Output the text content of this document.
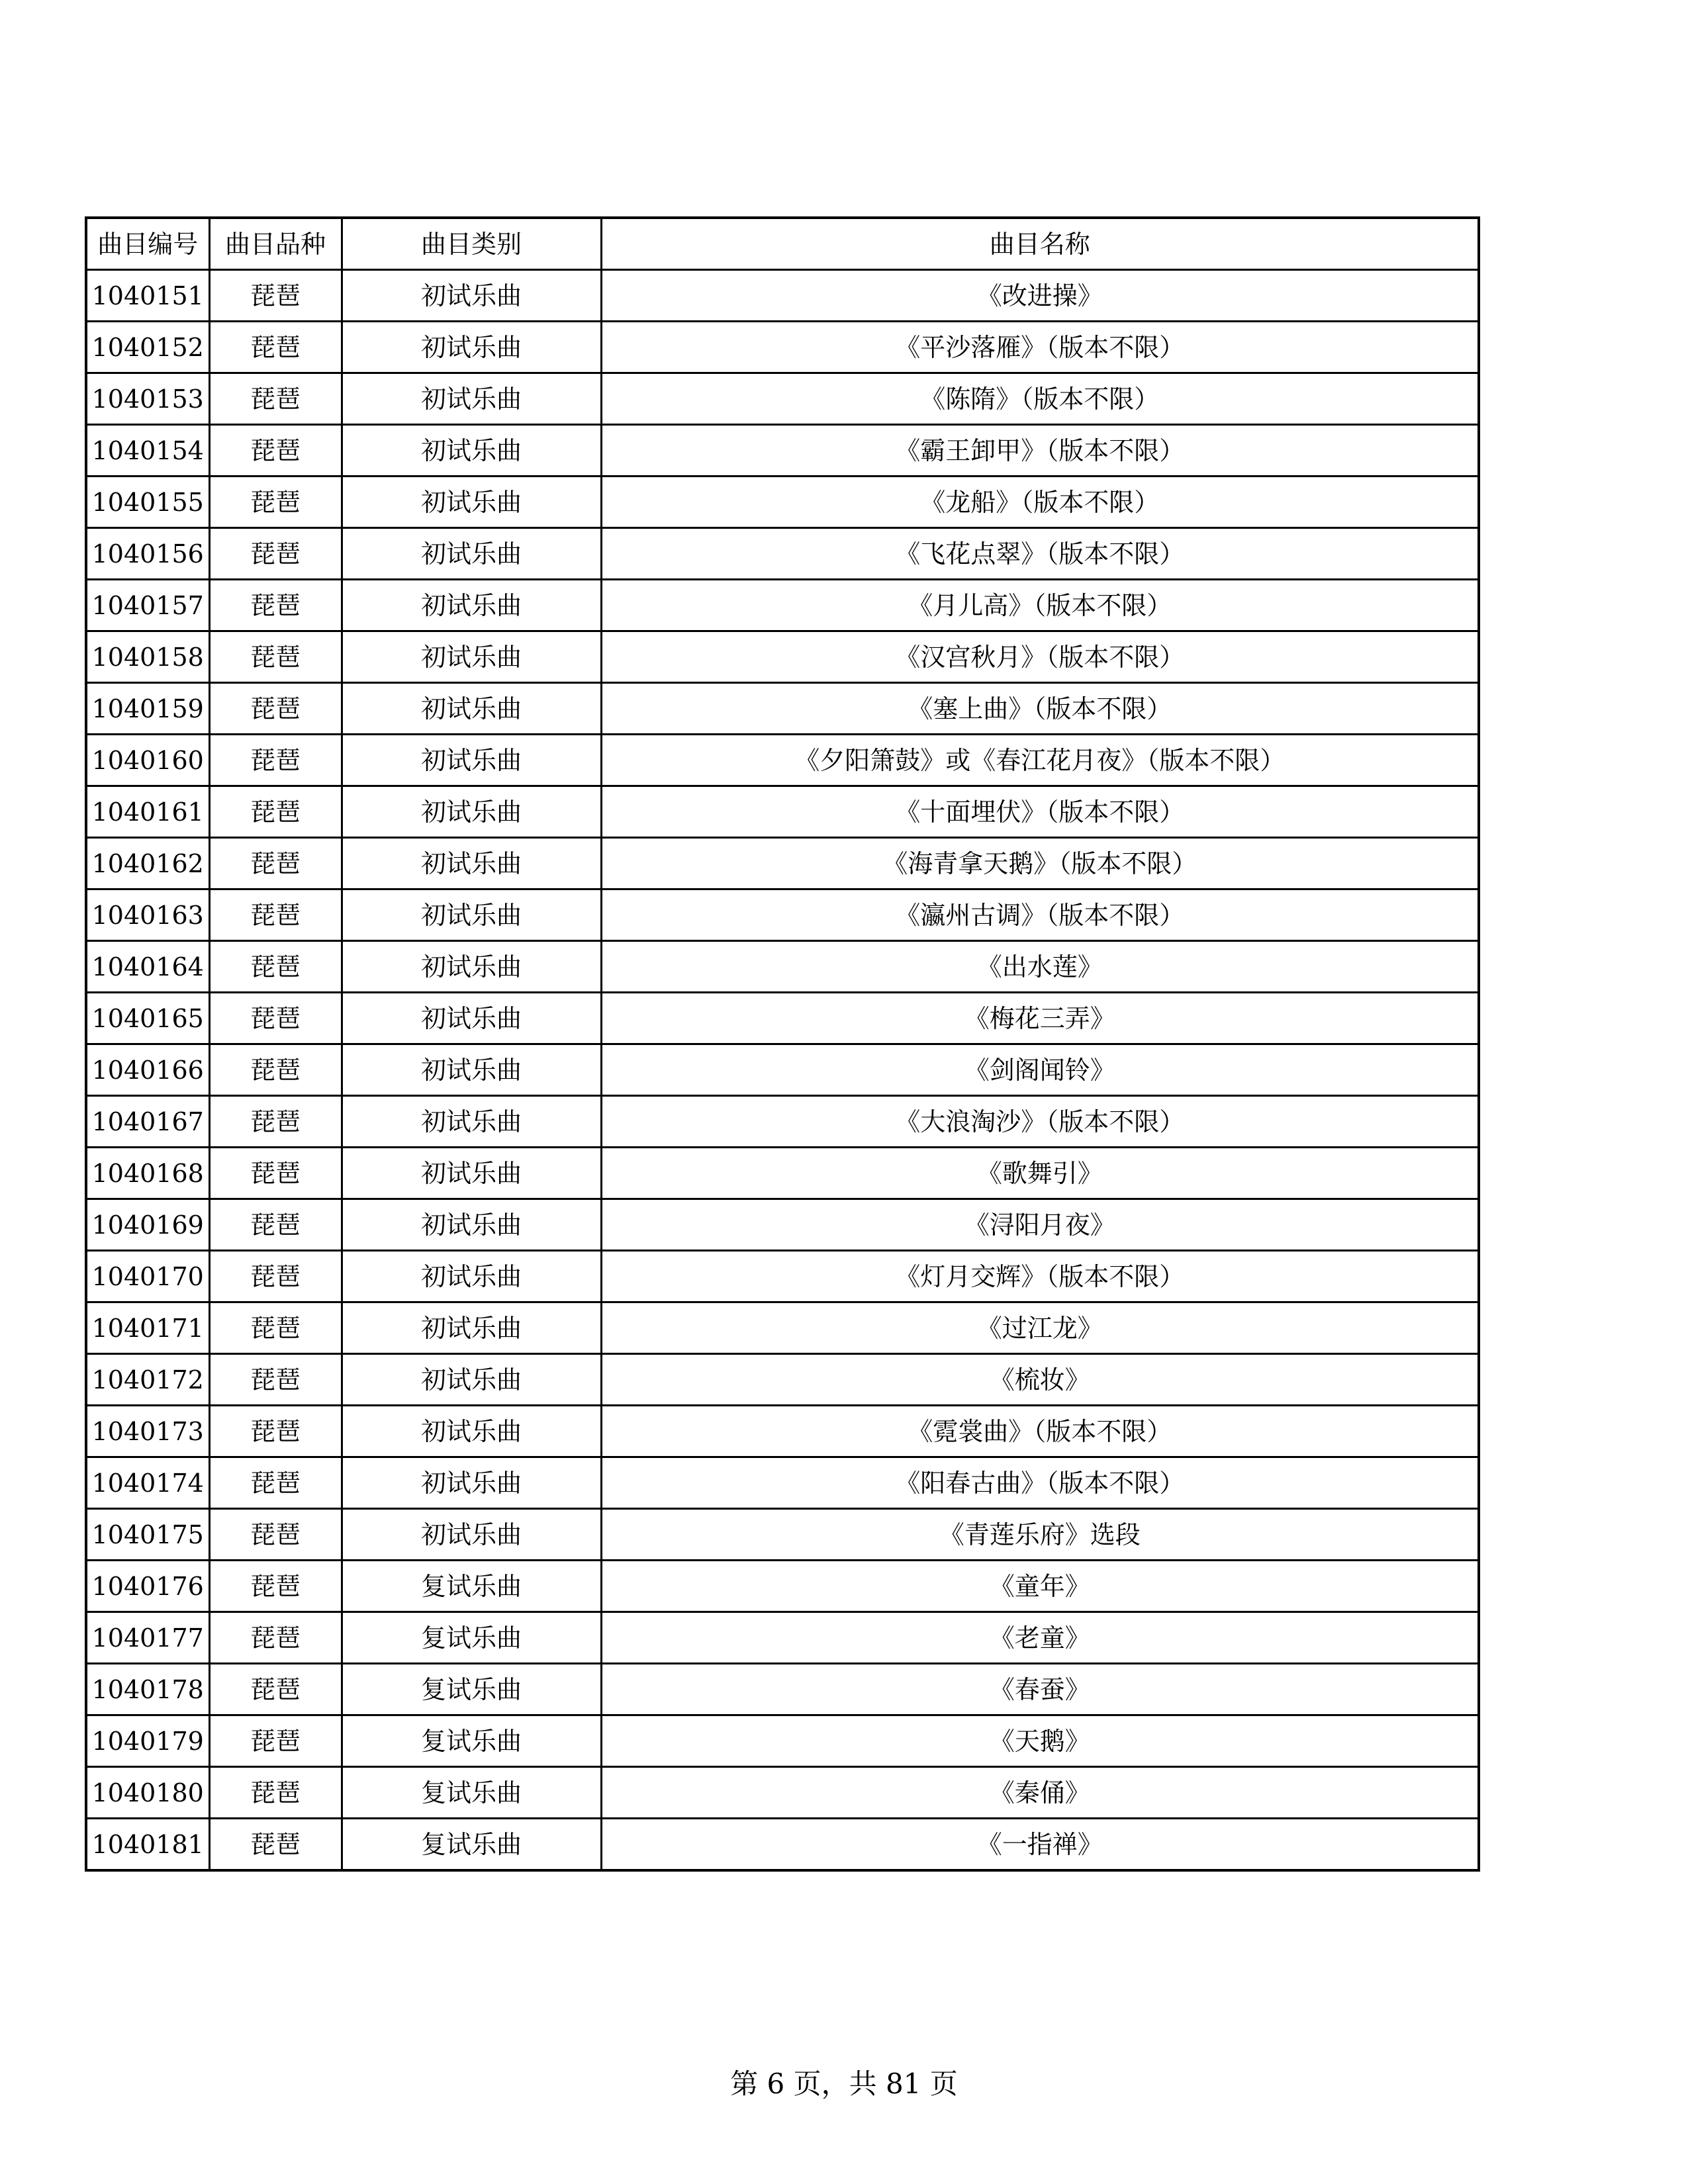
曲目编号	曲目品种	曲目类别	曲目名称
1040151	琵琶	初试乐曲	《改进操》
1040152	琵琶	初试乐曲	《平沙落雁》（版本不限）
1040153	琵琶	初试乐曲	《陈隋》（版本不限）
1040154	琵琶	初试乐曲	《霸王卸甲》（版本不限）
1040155	琵琶	初试乐曲	《龙船》（版本不限）
1040156	琵琶	初试乐曲	《飞花点翠》（版本不限）
1040157	琵琶	初试乐曲	《月儿高》（版本不限）
1040158	琵琶	初试乐曲	《汉宫秋月》（版本不限）
1040159	琵琶	初试乐曲	《塞上曲》（版本不限）
1040160	琵琶	初试乐曲	《夕阳箫鼓》或《春江花月夜》（版本不限）
1040161	琵琶	初试乐曲	《十面埋伏》（版本不限）
1040162	琵琶	初试乐曲	《海青拿天鹅》（版本不限）
1040163	琵琶	初试乐曲	《瀛州古调》（版本不限）
1040164	琵琶	初试乐曲	《出水莲》
1040165	琵琶	初试乐曲	《梅花三弄》
1040166	琵琶	初试乐曲	《剑阁闻铃》
1040167	琵琶	初试乐曲	《大浪淘沙》（版本不限）
1040168	琵琶	初试乐曲	《歌舞引》
1040169	琵琶	初试乐曲	《浔阳月夜》
1040170	琵琶	初试乐曲	《灯月交辉》（版本不限）
1040171	琵琶	初试乐曲	《过江龙》
1040172	琵琶	初试乐曲	《梳妆》
1040173	琵琶	初试乐曲	《霓裳曲》（版本不限）
1040174	琵琶	初试乐曲	《阳春古曲》（版本不限）
1040175	琵琶	初试乐曲	《青莲乐府》选段
1040176	琵琶	复试乐曲	《童年》
1040177	琵琶	复试乐曲	《老童》
1040178	琵琶	复试乐曲	《春蚕》
1040179	琵琶	复试乐曲	《天鹅》
1040180	琵琶	复试乐曲	《秦俑》
1040181	琵琶	复试乐曲	《一指禅》
第 6 页，共 81 页
